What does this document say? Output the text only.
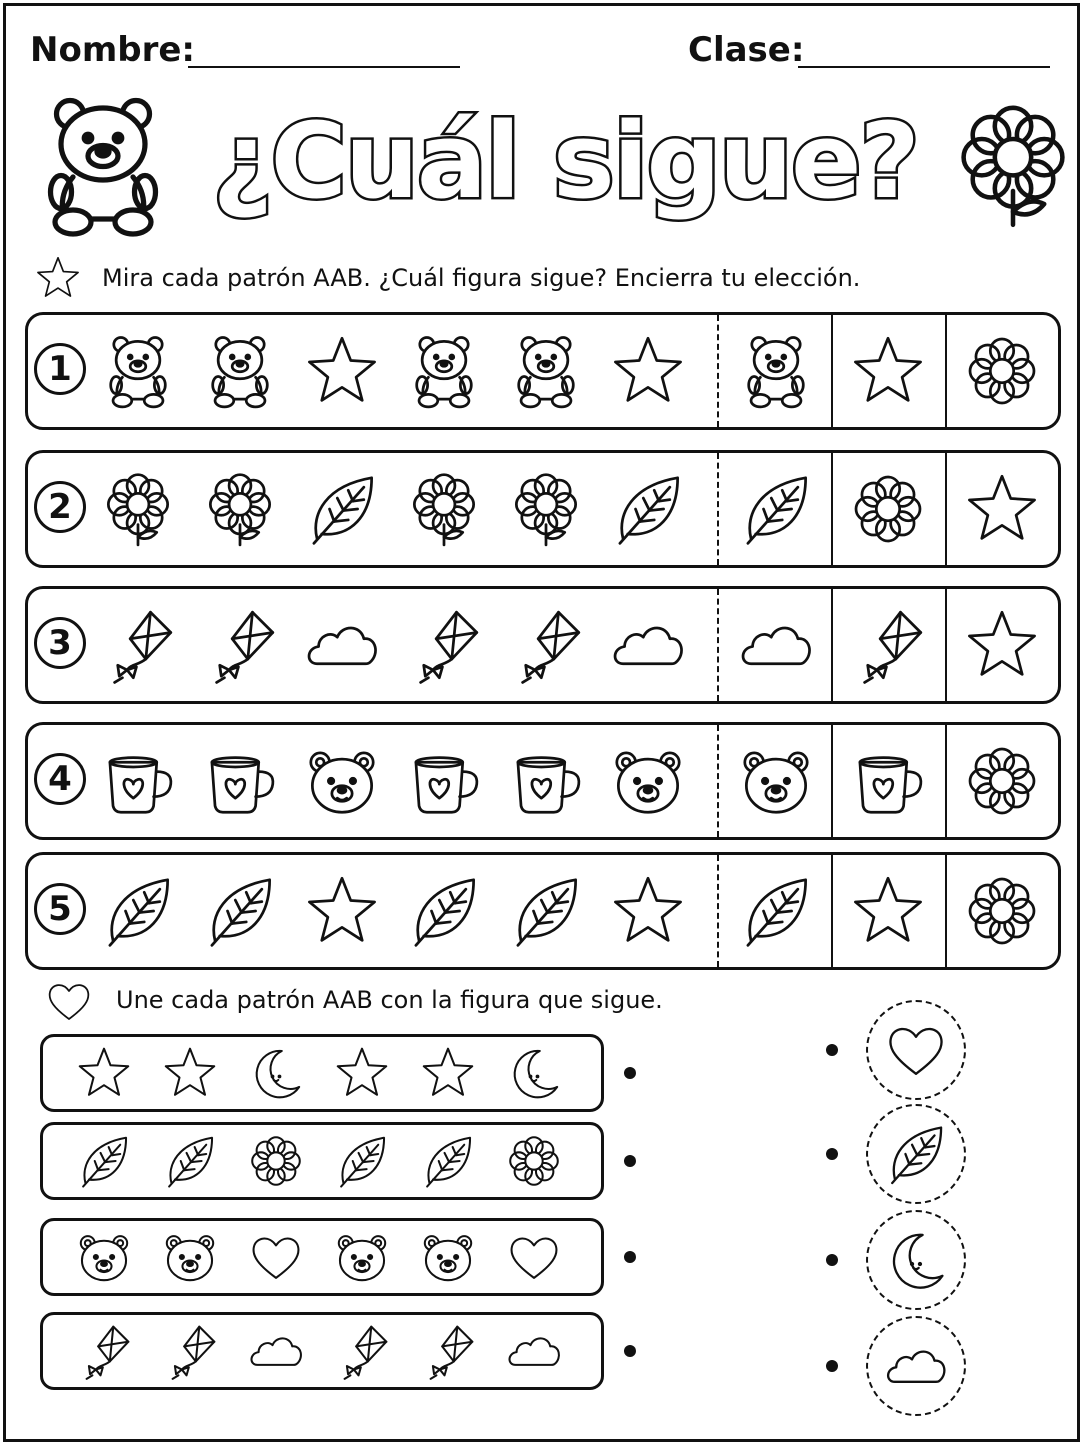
Nombre:	Clase:
¿Cuál sigue?
Mira cada patrón AAB. ¿Cuál figura sigue? Encierra tu elección.
1
2
3
4
5
Une cada patrón AAB con la figura que sigue.
